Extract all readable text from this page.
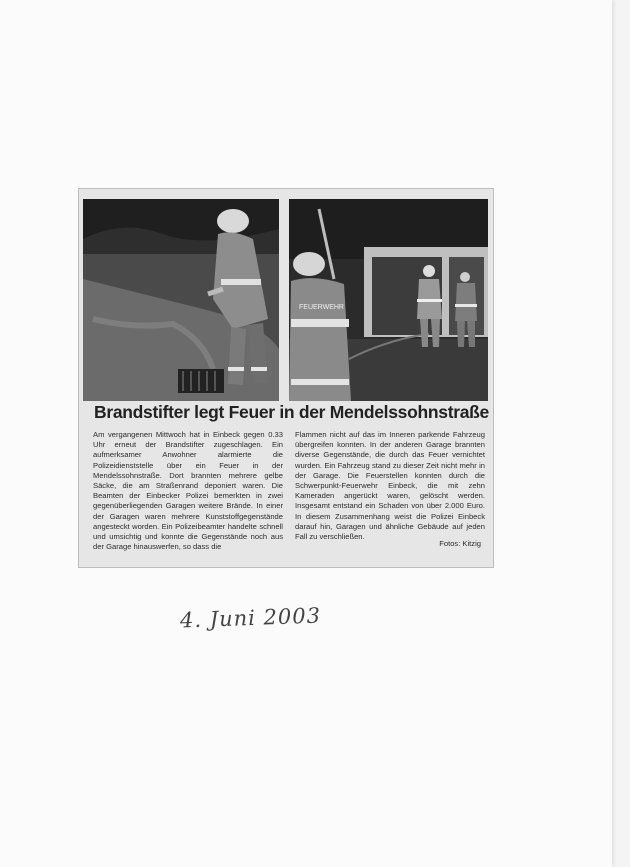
FEUERWEHR
Brandstifter legt Feuer in der Mendelssohnstraße
Am vergangenen Mittwoch hat in Einbeck gegen 0.33 Uhr erneut der Brandstifter zugeschlagen. Ein aufmerksamer Anwohner alarmierte die Polizeidienststelle über ein Feuer in der Mendelssohnstraße. Dort brannten mehrere gelbe Säcke, die am Straßenrand deponiert waren. Die Beamten der Einbecker Polizei bemerkten in zwei gegenüberliegenden Garagen weitere Brände. In einer der Garagen waren mehrere Kunststoffgegenstände angesteckt worden. Ein Polizeibeamter handelte schnell und umsichtig und konnte die Gegenstände noch aus der Garage hinauswerfen, so dass die
Flammen nicht auf das im Inneren parkende Fahrzeug übergreifen konnten. In der anderen Garage brannten diverse Gegenstände, die durch das Feuer vernichtet wurden. Ein Fahrzeug stand zu dieser Zeit nicht mehr in der Garage. Die Feuerstellen konnten durch die Schwerpunkt-Feuerwehr Einbeck, die mit zehn Kameraden angerückt waren, gelöscht werden. Insgesamt entstand ein Schaden von über 2.000 Euro. In diesem Zusammenhang weist die Polizei Einbeck darauf hin, Garagen und ähnliche Gebäude auf jeden Fall zu verschließen.
Fotos: Kitzig
4. Juni 2003
